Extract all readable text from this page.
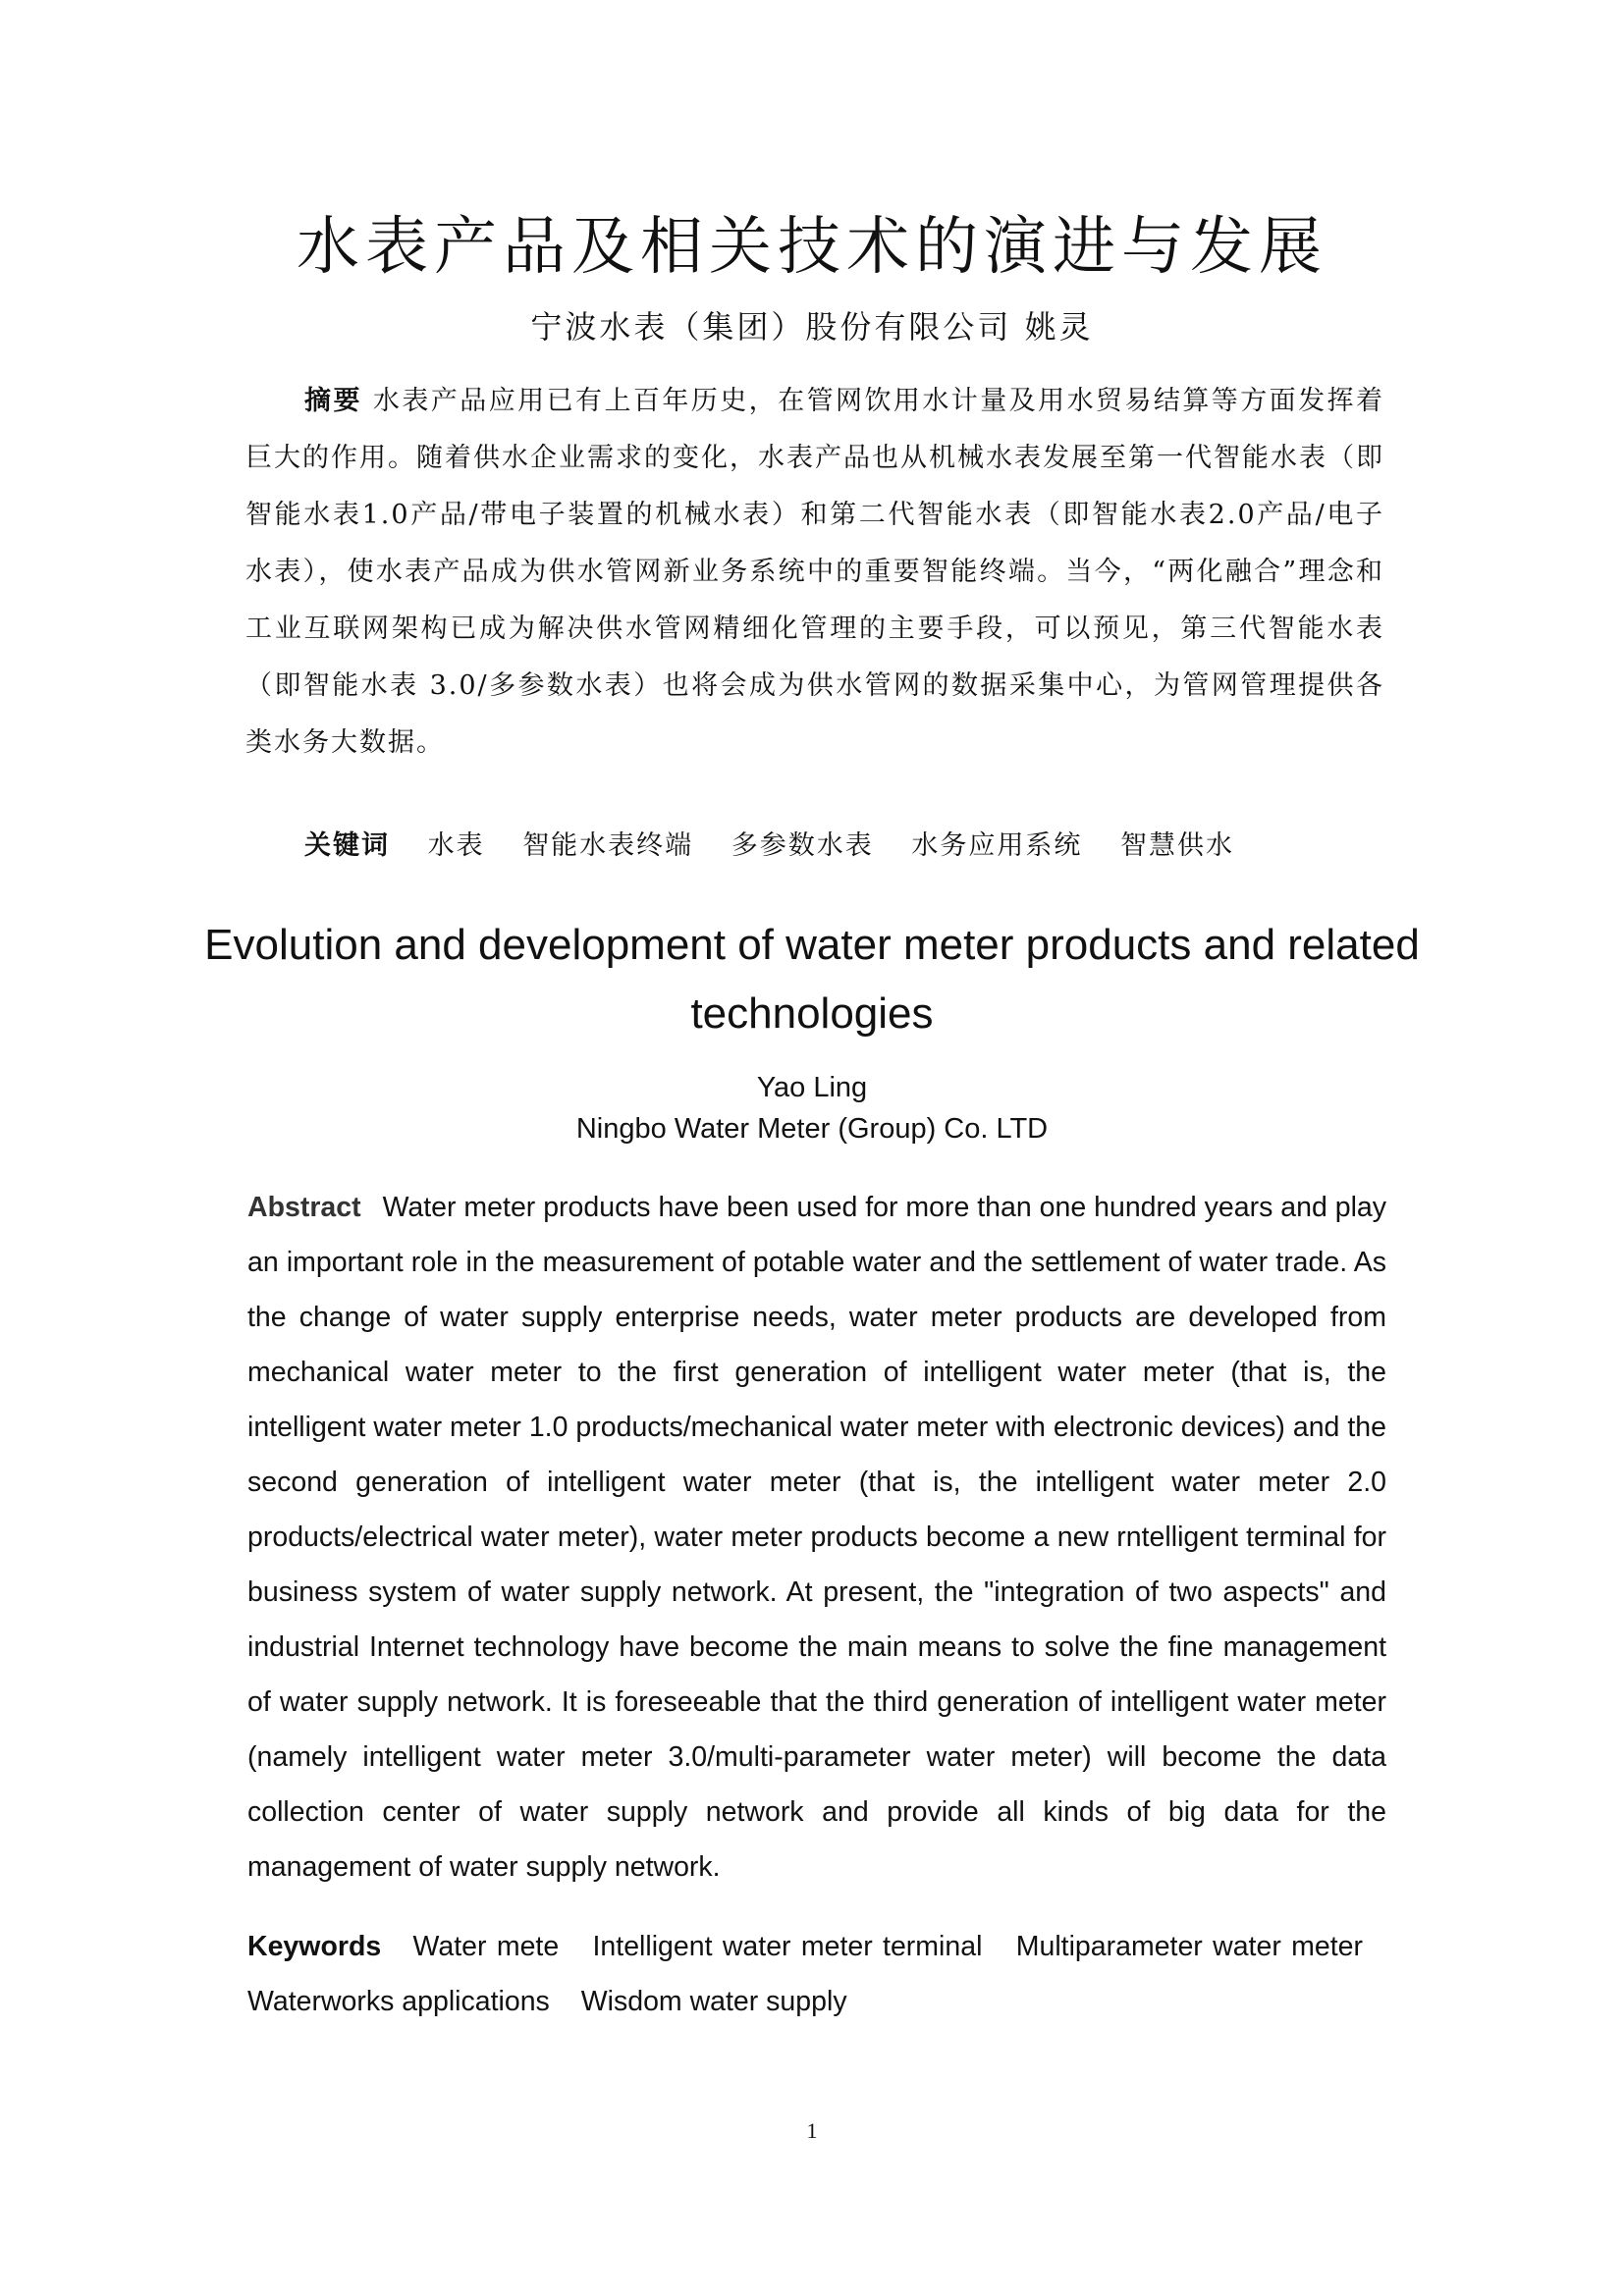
水表产品及相关技术的演进与发展
宁波水表（集团）股份有限公司 姚灵
摘要 水表产品应用已有上百年历史，在管网饮用水计量及用水贸易结算等方面发挥着巨大的作用。随着供水企业需求的变化，水表产品也从机械水表发展至第一代智能水表（即智能水表1.0产品/带电子装置的机械水表）和第二代智能水表（即智能水表2.0产品/电子水表），使水表产品成为供水管网新业务系统中的重要智能终端。当今，“两化融合”理念和工业互联网架构已成为解决供水管网精细化管理的主要手段，可以预见，第三代智能水表（即智能水表 3.0/多参数水表）也将会成为供水管网的数据采集中心，为管网管理提供各类水务大数据。
关键词 水表 智能水表终端 多参数水表 水务应用系统 智慧供水
Evolution and development of water meter products and related technologies
Yao Ling
Ningbo Water Meter (Group) Co. LTD
Abstract Water meter products have been used for more than one hundred years and play an important role in the measurement of potable water and the settlement of water trade. As the change of water supply enterprise needs, water meter products are developed from mechanical water meter to the first generation of intelligent water meter (that is, the intelligent water meter 1.0 products/mechanical water meter with electronic devices) and the second generation of intelligent water meter (that is, the intelligent water meter 2.0 products/electrical water meter), water meter products become a new rntelligent terminal for business system of water supply network. At present, the "integration of two aspects" and industrial Internet technology have become the main means to solve the fine management of water supply network. It is foreseeable that the third generation of intelligent water meter (namely intelligent water meter 3.0/multi-parameter water meter) will become the data collection center of water supply network and provide all kinds of big data for the management of water supply network.
Keywords Water mete Intelligent water meter terminal Multiparameter water meter Waterworks applications Wisdom water supply
1
